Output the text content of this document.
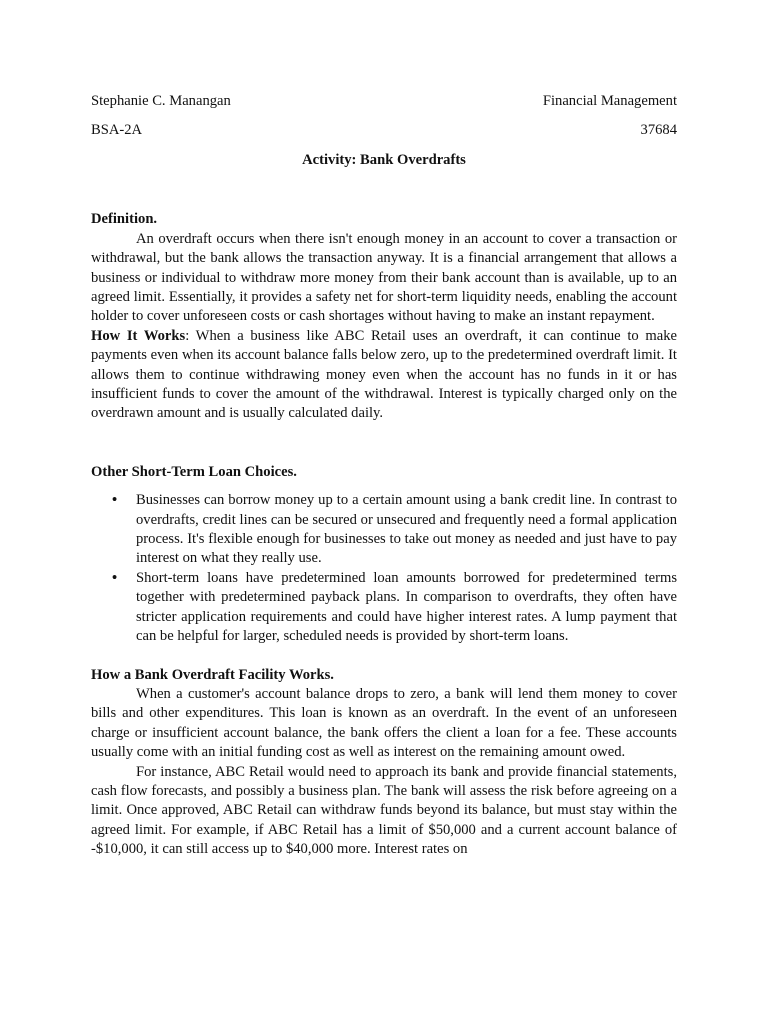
Stephanie C. Manangan	Financial Management
BSA-2A	37684
Activity: Bank Overdrafts
Definition.

An overdraft occurs when there isn't enough money in an account to cover a transaction or withdrawal, but the bank allows the transaction anyway. It is a financial arrangement that allows a business or individual to withdraw more money from their bank account than is available, up to an agreed limit. Essentially, it provides a safety net for short-term liquidity needs, enabling the account holder to cover unforeseen costs or cash shortages without having to make an instant repayment.

How It Works: When a business like ABC Retail uses an overdraft, it can continue to make payments even when its account balance falls below zero, up to the predetermined overdraft limit. It allows them to continue withdrawing money even when the account has no funds in it or has insufficient funds to cover the amount of the withdrawal. Interest is typically charged only on the overdrawn amount and is usually calculated daily.

Other Short-Term Loan Choices.
• Businesses can borrow money up to a certain amount using a bank credit line. In contrast to overdrafts, credit lines can be secured or unsecured and frequently need a formal application process. It's flexible enough for businesses to take out money as needed and just have to pay interest on what they really use.
• Short-term loans have predetermined loan amounts borrowed for predetermined terms together with predetermined payback plans. In comparison to overdrafts, they often have stricter application requirements and could have higher interest rates. A lump payment that can be helpful for larger, scheduled needs is provided by short-term loans.
How a Bank Overdraft Facility Works.

When a customer's account balance drops to zero, a bank will lend them money to cover bills and other expenditures. This loan is known as an overdraft. In the event of an unforeseen charge or insufficient account balance, the bank offers the client a loan for a fee. These accounts usually come with an initial funding cost as well as interest on the remaining amount owed.

For instance, ABC Retail would need to approach its bank and provide financial statements, cash flow forecasts, and possibly a business plan. The bank will assess the risk before agreeing on a limit. Once approved, ABC Retail can withdraw funds beyond its balance, but must stay within the agreed limit. For example, if ABC Retail has a limit of $50,000 and a current account balance of -$10,000, it can still access up to $40,000 more. Interest rates on
